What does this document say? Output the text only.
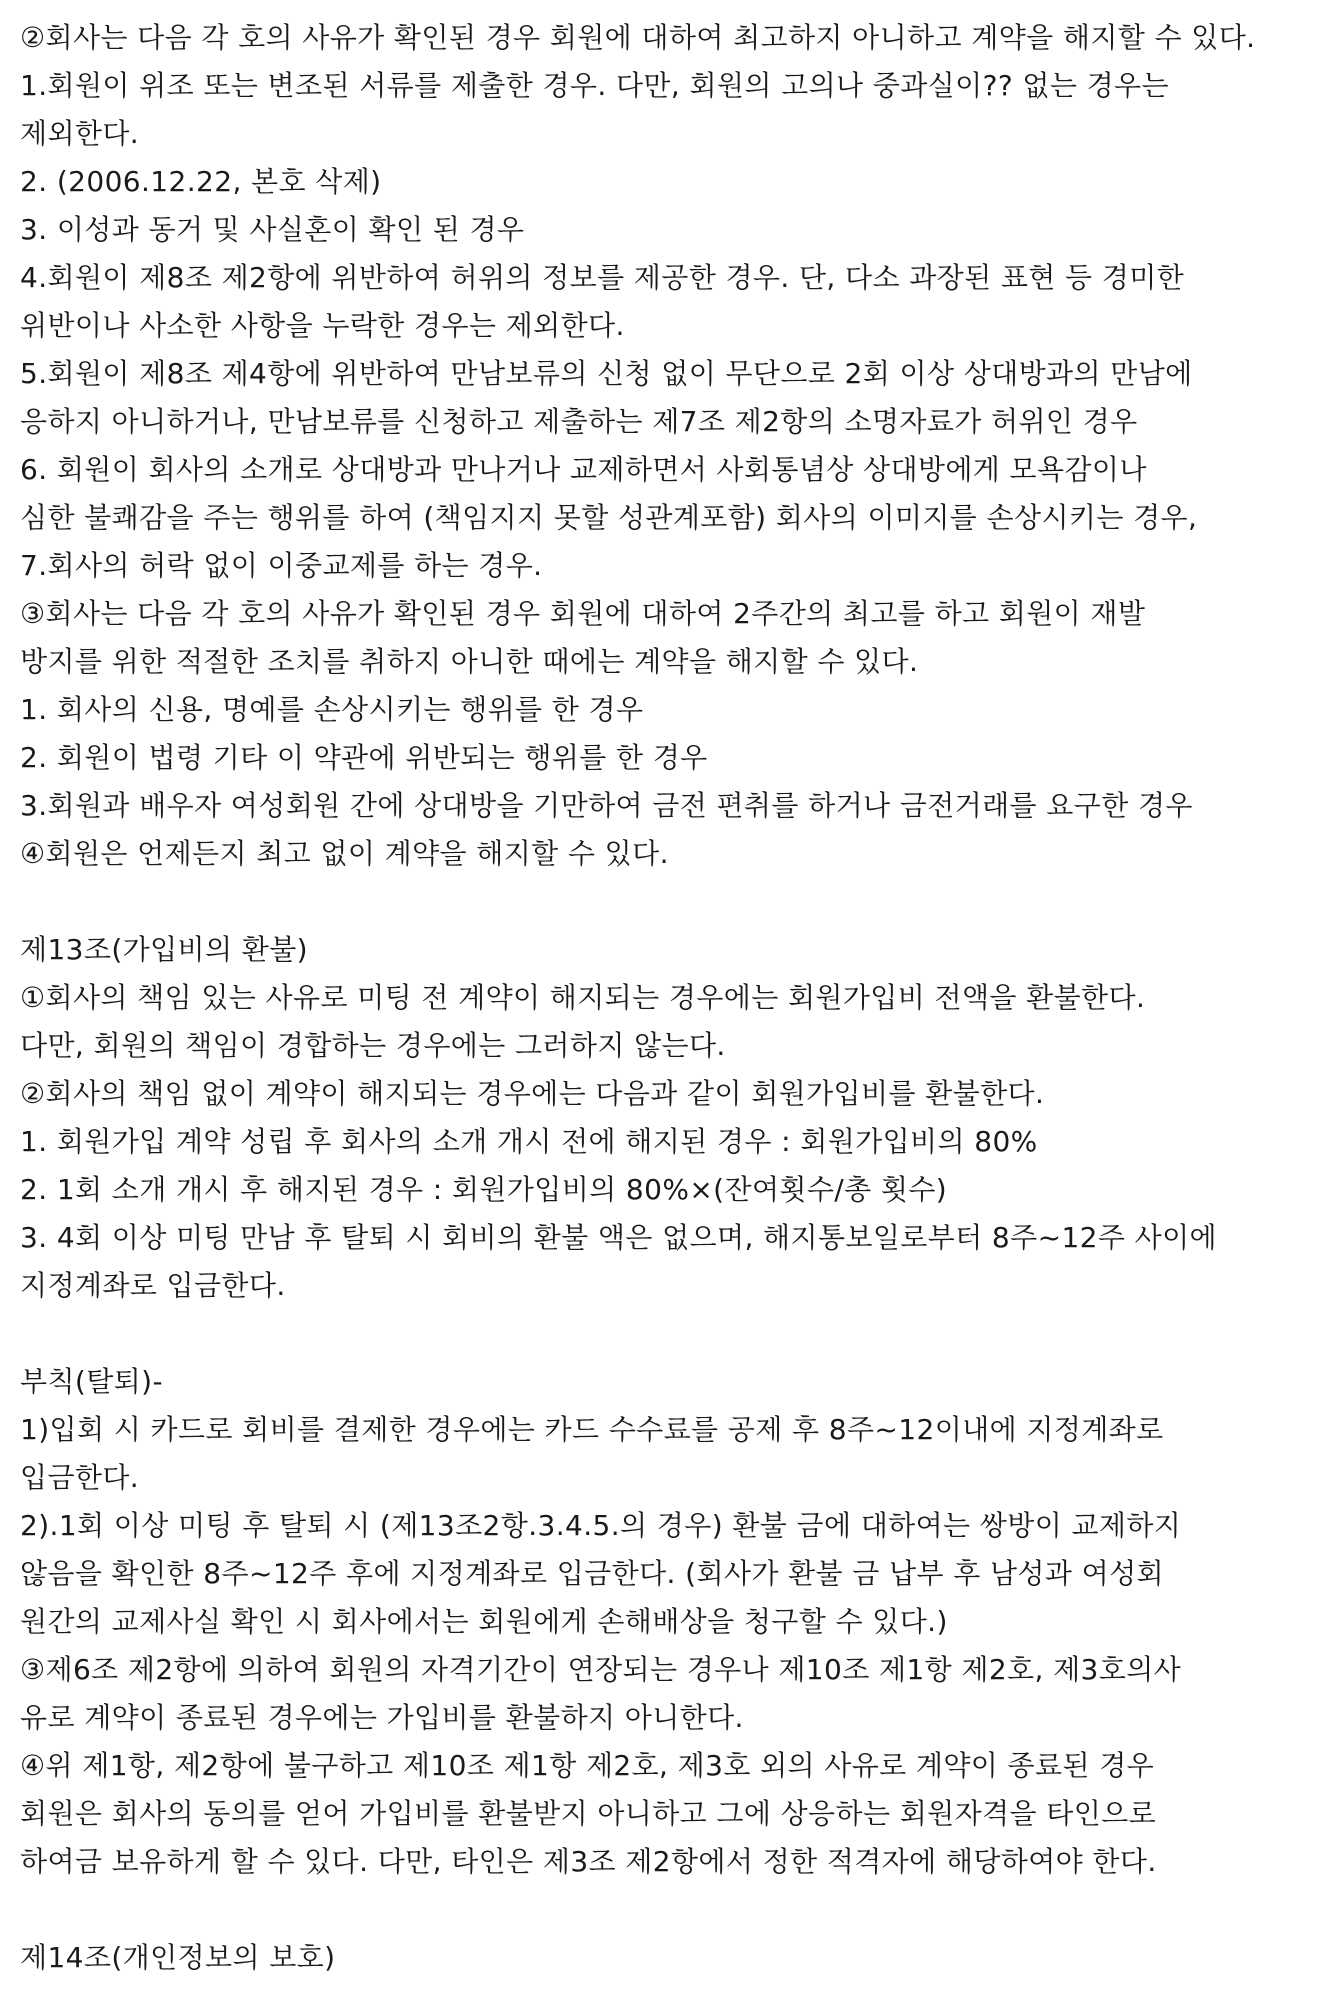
②회사는 다음 각 호의 사유가 확인된 경우 회원에 대하여 최고하지 아니하고 계약을 해지할 수 있다.
1.회원이 위조 또는 변조된 서류를 제출한 경우. 다만, 회원의 고의나 중과실이?? 없는 경우는
제외한다.
2. (2006.12.22, 본호 삭제)
3. 이성과 동거 및 사실혼이 확인 된 경우
4.회원이 제8조 제2항에 위반하여 허위의 정보를 제공한 경우. 단, 다소 과장된 표현 등 경미한
위반이나 사소한 사항을 누락한 경우는 제외한다.
5.회원이 제8조 제4항에 위반하여 만남보류의 신청 없이 무단으로 2회 이상 상대방과의 만남에
응하지 아니하거나, 만남보류를 신청하고 제출하는 제7조 제2항의 소명자료가 허위인 경우
6. 회원이 회사의 소개로 상대방과 만나거나 교제하면서 사회통념상 상대방에게 모욕감이나
심한 불쾌감을 주는 행위를 하여 (책임지지 못할 성관계포함) 회사의 이미지를 손상시키는 경우,
7.회사의 허락 없이 이중교제를 하는 경우.
③회사는 다음 각 호의 사유가 확인된 경우 회원에 대하여 2주간의 최고를 하고 회원이 재발
방지를 위한 적절한 조치를 취하지 아니한 때에는 계약을 해지할 수 있다.
1. 회사의 신용, 명예를 손상시키는 행위를 한 경우
2. 회원이 법령 기타 이 약관에 위반되는 행위를 한 경우
3.회원과 배우자 여성회원 간에 상대방을 기만하여 금전 편취를 하거나 금전거래를 요구한 경우
④회원은 언제든지 최고 없이 계약을 해지할 수 있다.
제13조(가입비의 환불)
①회사의 책임 있는 사유로 미팅 전 계약이 해지되는 경우에는 회원가입비 전액을 환불한다.
다만, 회원의 책임이 경합하는 경우에는 그러하지 않는다.
②회사의 책임 없이 계약이 해지되는 경우에는 다음과 같이 회원가입비를 환불한다.
1. 회원가입 계약 성립 후 회사의 소개 개시 전에 해지된 경우 : 회원가입비의 80%
2. 1회 소개 개시 후 해지된 경우 : 회원가입비의 80%×(잔여횟수/총 횟수)
3. 4회 이상 미팅 만남 후 탈퇴 시 회비의 환불 액은 없으며, 해지통보일로부터 8주~12주 사이에
지정계좌로 입금한다.
부칙(탈퇴)-
1)입회 시 카드로 회비를 결제한 경우에는 카드 수수료를 공제 후 8주~12이내에 지정계좌로
입금한다.
2).1회 이상 미팅 후 탈퇴 시 (제13조2항.3.4.5.의 경우) 환불 금에 대하여는 쌍방이 교제하지
않음을 확인한 8주~12주 후에 지정계좌로 입금한다. (회사가 환불 금 납부 후 남성과 여성회
원간의 교제사실 확인 시 회사에서는 회원에게 손해배상을 청구할 수 있다.)
③제6조 제2항에 의하여 회원의 자격기간이 연장되는 경우나 제10조 제1항 제2호, 제3호의사
유로 계약이 종료된 경우에는 가입비를 환불하지 아니한다.
④위 제1항, 제2항에 불구하고 제10조 제1항 제2호, 제3호 외의 사유로 계약이 종료된 경우
회원은 회사의 동의를 얻어 가입비를 환불받지 아니하고 그에 상응하는 회원자격을 타인으로
하여금 보유하게 할 수 있다. 다만, 타인은 제3조 제2항에서 정한 적격자에 해당하여야 한다.
제14조(개인정보의 보호)
